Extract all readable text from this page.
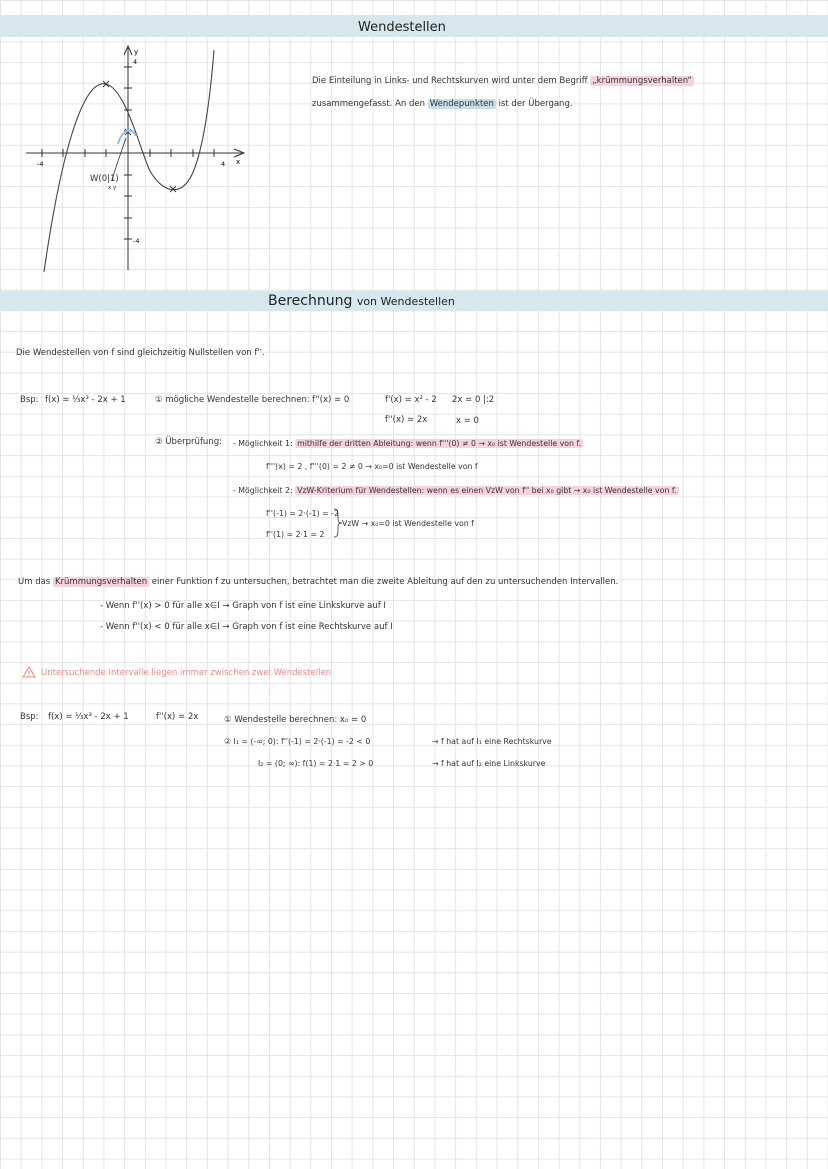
Wendestellen
y
x
4
-4
-4	4
W(0|1)
x y
Die Einteilung in Links- und Rechtskurven wird unter dem Begriff „krümmungsverhalten“
zusammengefasst. An den Wendepunkten ist der Übergang.
Berechnung von Wendestellen
Die Wendestellen von f sind gleichzeitig Nullstellen von f''.
Bsp: f(x) = ⅓x³ - 2x + 1	① mögliche Wendestelle berechnen: f''(x) = 0	f'(x) = x² - 2
f''(x) = 2x
2x = 0 |:2
x = 0
② Überprüfung: - Möglichkeit 1: mithilfe der dritten Ableitung: wenn f'''(0) ≠ 0 → x₀ ist Wendestelle von f.
f'''(x) = 2 , f'''(0) = 2 ≠ 0 → x₀=0 ist Wendestelle von f
- Möglichkeit 2: VzW-Kriterium für Wendestellen: wenn es einen VzW von f'' bei x₀ gibt → x₀ ist Wendestelle von f.
f''(-1) = 2·(-1) = -2
f''(1) = 2·1 = 2
VzW → x₀=0 ist Wendestelle von f
Um das Krümmungsverhalten einer Funktion f zu untersuchen, betrachtet man die zweite Ableitung auf den zu untersuchenden Intervallen.
- Wenn f''(x) > 0 für alle x∈I → Graph von f ist eine Linkskurve auf I
- Wenn f''(x) < 0 für alle x∈I → Graph von f ist eine Rechtskurve auf I
Untersuchende Intervalle liegen immer zwischen zwei Wendestellen
Bsp: f(x) = ⅓x³ - 2x + 1	f''(x) = 2x	① Wendestelle berechnen: x₀ = 0
② I₁ = (-∞; 0): f''(-1) = 2·(-1) = -2 < 0	→ f hat auf I₁ eine Rechtskurve
I₂ = (0; ∞): f(1) = 2·1 = 2 > 0	→ f hat auf I₂ eine Linkskurve
